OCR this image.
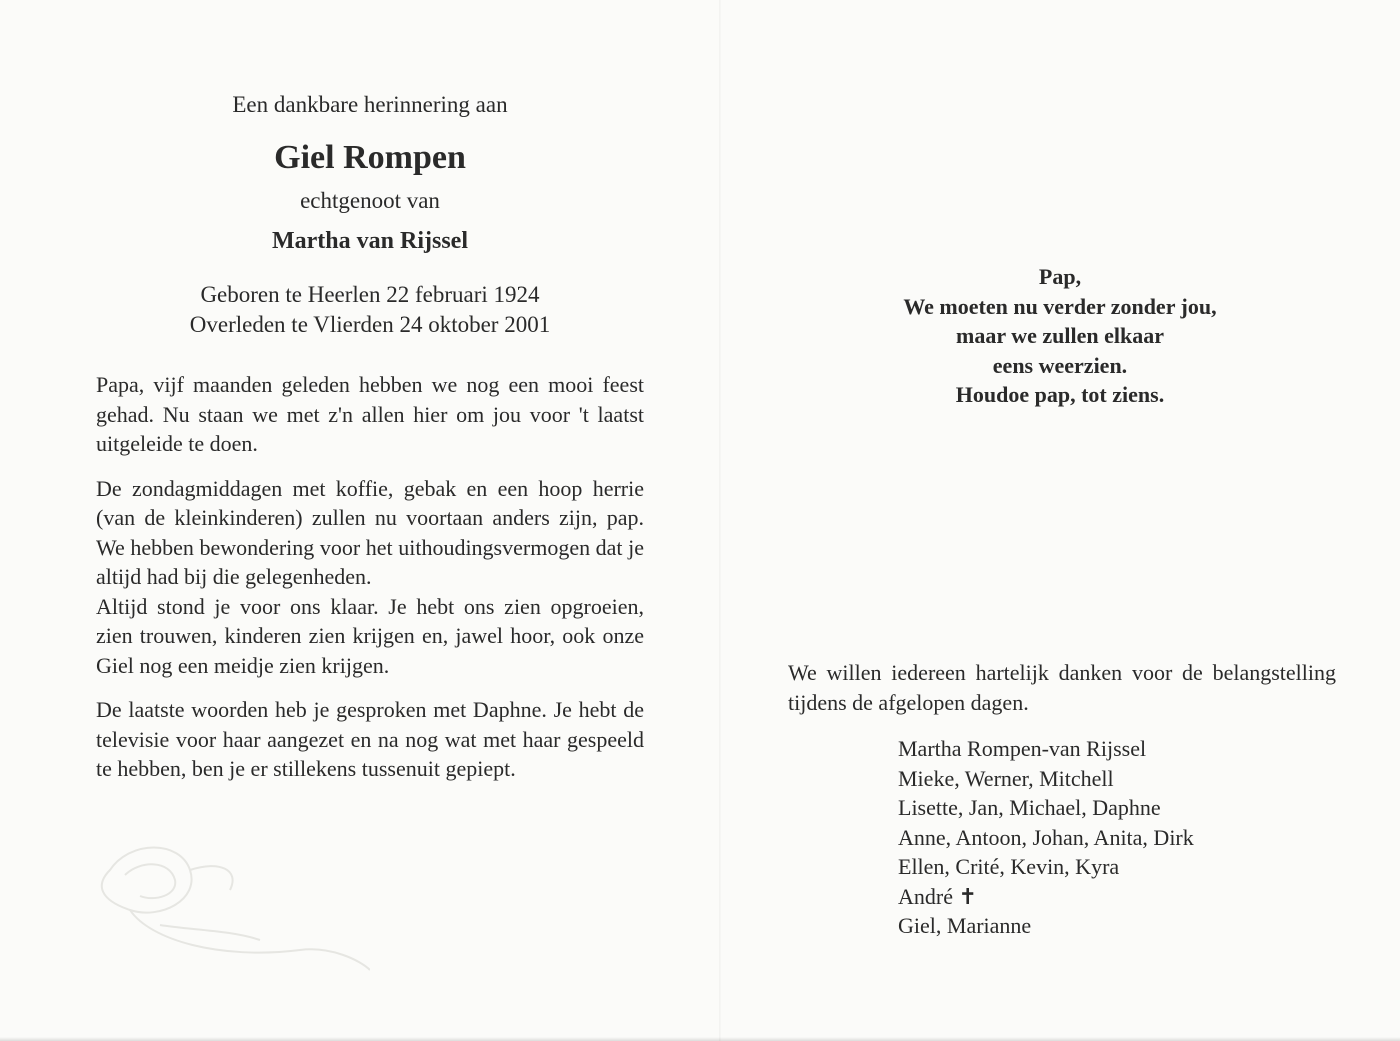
Een dankbare herinnering aan

Giel Rompen

echtgenoot van

Martha van Rijssel

Geboren te Heerlen 22 februari 1924
Overleden te Vlierden 24 oktober 2001

Papa, vijf maanden geleden hebben we nog een mooi feest gehad. Nu staan we met z'n allen hier om jou voor 't laatst uitgeleide te doen.

De zondagmiddagen met koffie, gebak en een hoop herrie (van de kleinkinderen) zullen nu voortaan anders zijn, pap. We hebben bewondering voor het uithoudingsvermogen dat je altijd had bij die gelegenheden.

Altijd stond je voor ons klaar. Je hebt ons zien opgroeien, zien trouwen, kinderen zien krijgen en, jawel hoor, ook onze Giel nog een meidje zien krijgen.

De laatste woorden heb je gesproken met Daphne. Je hebt de televisie voor haar aangezet en na nog wat met haar gespeeld te hebben, ben je er stillekens tussenuit gepiept.

Pap,
We moeten nu verder zonder jou,
maar we zullen elkaar
eens weerzien.
Houdoe pap, tot ziens.
We willen iedereen hartelijk danken voor de belangstelling tijdens de afgelopen dagen.
Martha Rompen-van Rijssel
Mieke, Werner, Mitchell
Lisette, Jan, Michael, Daphne
Anne, Antoon, Johan, Anita, Dirk
Ellen, Crité, Kevin, Kyra
André ✝
Giel, Marianne
